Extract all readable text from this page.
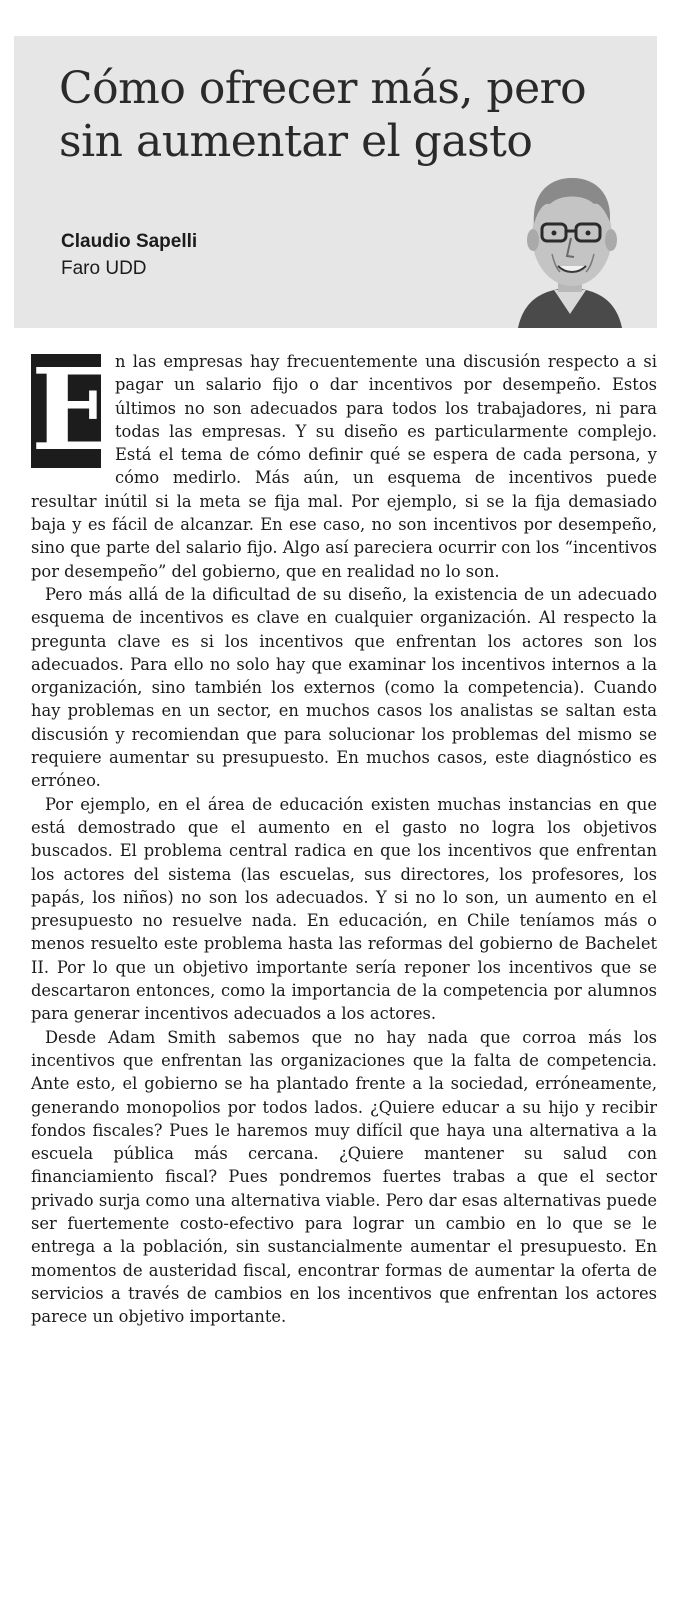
Cómo ofrecer más, pero sin aumentar el gasto
Claudio Sapelli
Faro UDD

E
n las empresas hay frecuentemente una discusión respecto a si pagar un salario fijo o dar incentivos por desempeño. Estos últimos no son adecuados para todos los trabajadores, ni para todas las empresas. Y su diseño es particularmente complejo. Está el tema de cómo definir qué se espera de cada persona, y cómo medirlo. Más aún, un esquema de incentivos puede resultar inútil si la meta se fija mal. Por ejemplo, si se la fija demasiado baja y es fácil de alcanzar. En ese caso, no son incentivos por desempeño, sino que parte del salario fijo. Algo así pareciera ocurrir con los “incentivos por desempeño” del gobierno, que en realidad no lo son.

Pero más allá de la dificultad de su diseño, la existencia de un adecuado esquema de incentivos es clave en cualquier organización. Al respecto la pregunta clave es si los incentivos que enfrentan los actores son los adecuados. Para ello no solo hay que examinar los incentivos internos a la organización, sino también los externos (como la competencia). Cuando hay problemas en un sector, en muchos casos los analistas se saltan esta discusión y recomiendan que para solucionar los problemas del mismo se requiere aumentar su presupuesto. En muchos casos, este diagnóstico es erróneo.

Por ejemplo, en el área de educación existen muchas instancias en que está demostrado que el aumento en el gasto no logra los objetivos buscados. El problema central radica en que los incentivos que enfrentan los actores del sistema (las escuelas, sus directores, los profesores, los papás, los niños) no son los adecuados. Y si no lo son, un aumento en el presupuesto no resuelve nada. En educación, en Chile teníamos más o menos resuelto este problema hasta las reformas del gobierno de Bachelet II. Por lo que un objetivo importante sería reponer los incentivos que se descartaron entonces, como la importancia de la competencia por alumnos para generar incentivos adecuados a los actores.

Desde Adam Smith sabemos que no hay nada que corroa más los incentivos que enfrentan las organizaciones que la falta de competencia. Ante esto, el gobierno se ha plantado frente a la sociedad, erróneamente, generando monopolios por todos lados. ¿Quiere educar a su hijo y recibir fondos fiscales? Pues le haremos muy difícil que haya una alternativa a la escuela pública más cercana. ¿Quiere mantener su salud con financiamiento fiscal? Pues pondremos fuertes trabas a que el sector privado surja como una alternativa viable. Pero dar esas alternativas puede ser fuertemente costo-efectivo para lograr un cambio en lo que se le entrega a la población, sin sustancialmente aumentar el presupuesto. En momentos de austeridad fiscal, encontrar formas de aumentar la oferta de servicios a través de cambios en los incentivos que enfrentan los actores parece un objetivo importante.
